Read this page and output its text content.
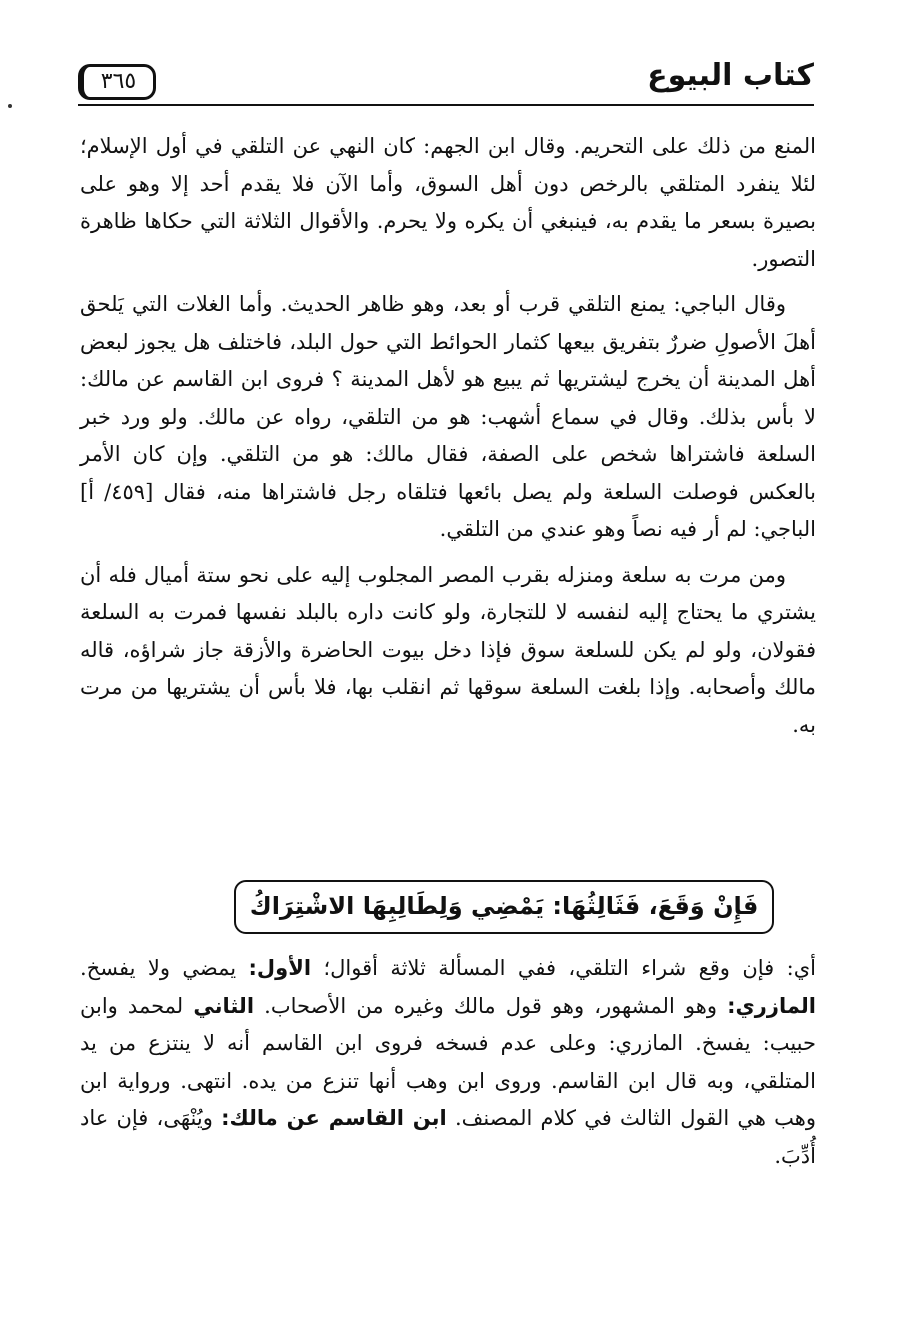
كتاب البيوع
٣٦٥

المنع من ذلك على التحريم. وقال ابن الجهم: كان النهي عن التلقي في أول الإسلام؛ لئلا ينفرد المتلقي بالرخص دون أهل السوق، وأما الآن فلا يقدم أحد إلا وهو على بصيرة بسعر ما يقدم به، فينبغي أن يكره ولا يحرم. والأقوال الثلاثة التي حكاها ظاهرة التصور.

وقال الباجي: يمنع التلقي قرب أو بعد، وهو ظاهر الحديث. وأما الغلات التي يَلحق أهلَ الأصولِ ضررٌ بتفريق بيعها كثمار الحوائط التي حول البلد، فاختلف هل يجوز لبعض أهل المدينة أن يخرج ليشتريها ثم يبيع هو لأهل المدينة ؟ فروى ابن القاسم عن مالك: لا بأس بذلك. وقال في سماع أشهب: هو من التلقي، رواه عن مالك. ولو ورد خبر السلعة فاشتراها شخص على الصفة، فقال مالك: هو من التلقي. وإن كان الأمر بالعكس فوصلت السلعة ولم يصل بائعها فتلقاه رجل فاشتراها منه، فقال [٤٥٩/ أ] الباجي: لم أر فيه نصاً وهو عندي من التلقي.

ومن مرت به سلعة ومنزله بقرب المصر المجلوب إليه على نحو ستة أميال فله أن يشتري ما يحتاج إليه لنفسه لا للتجارة، ولو كانت داره بالبلد نفسها فمرت به السلعة فقولان، ولو لم يكن للسلعة سوق فإذا دخل بيوت الحاضرة والأزقة جاز شراؤه، قاله مالك وأصحابه. وإذا بلغت السلعة سوقها ثم انقلب بها، فلا بأس أن يشتريها من مرت به.

فَإِنْ وَقَعَ، فَثَالِثُهَا: يَمْضِي وَلِطَالِبِهَا الاشْتِرَاكُ

أي: فإن وقع شراء التلقي، ففي المسألة ثلاثة أقوال؛ الأول: يمضي ولا يفسخ. المازري: وهو المشهور، وهو قول مالك وغيره من الأصحاب. الثاني لمحمد وابن حبيب: يفسخ. المازري: وعلى عدم فسخه فروى ابن القاسم أنه لا ينتزع من يد المتلقي، وبه قال ابن القاسم. وروى ابن وهب أنها تنزع من يده. انتهى. ورواية ابن وهب هي القول الثالث في كلام المصنف. ابن القاسم عن مالك: ويُنْهَى، فإن عاد أُدِّبَ.
